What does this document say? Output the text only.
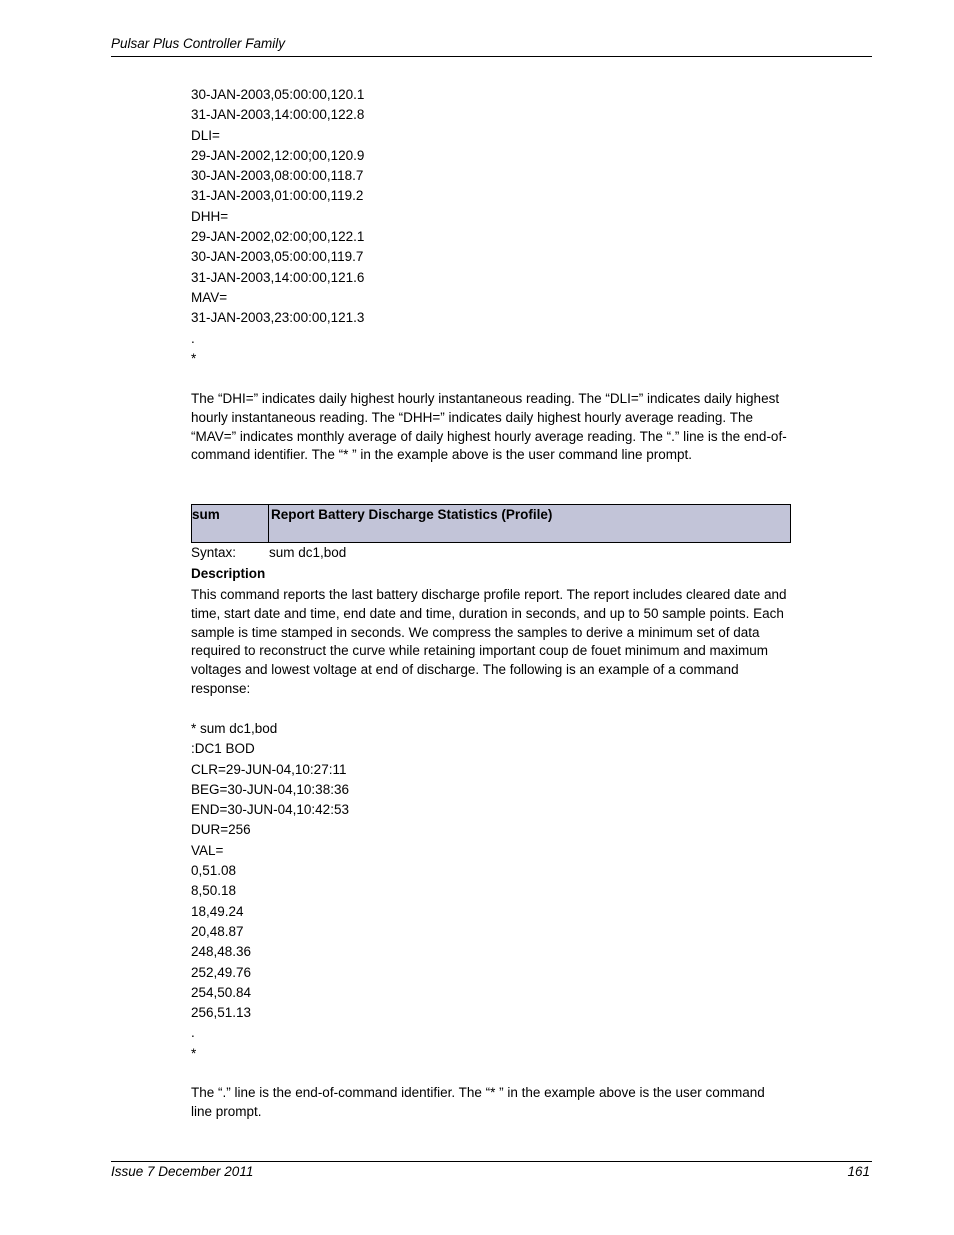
Pulsar Plus Controller Family
30-JAN-2003,05:00:00,120.1
31-JAN-2003,14:00:00,122.8
DLI=
29-JAN-2002,12:00;00,120.9
30-JAN-2003,08:00:00,118.7
31-JAN-2003,01:00:00,119.2
DHH=
29-JAN-2002,02:00;00,122.1
30-JAN-2003,05:00:00,119.7
31-JAN-2003,14:00:00,121.6
MAV=
31-JAN-2003,23:00:00,121.3
.
*

The “DHI=” indicates daily highest hourly instantaneous reading. The “DLI=” indicates daily highest hourly instantaneous reading. The “DHH=” indicates daily highest hourly average reading. The “MAV=” indicates monthly average of daily highest hourly average reading. The “.” line is the end-of-command identifier. The “* ” in the example above is the user command line prompt.

sum	Report Battery Discharge Statistics (Profile)
Syntax: sum dc1,bod
Description

This command reports the last battery discharge profile report. The report includes cleared date and time, start date and time, end date and time, duration in seconds, and up to 50 sample points. Each sample is time stamped in seconds. We compress the samples to derive a minimum set of data required to reconstruct the curve while retaining important coup de fouet minimum and maximum voltages and lowest voltage at end of discharge. The following is an example of a command response:

* sum dc1,bod
:DC1 BOD
CLR=29-JUN-04,10:27:11
BEG=30-JUN-04,10:38:36
END=30-JUN-04,10:42:53
DUR=256
VAL=
0,51.08
8,50.18
18,49.24
20,48.87
248,48.36
252,49.76
254,50.84
256,51.13
.
*

The “.” line is the end-of-command identifier. The “* ” in the example above is the user command line prompt.

Issue 7 December 2011	161
